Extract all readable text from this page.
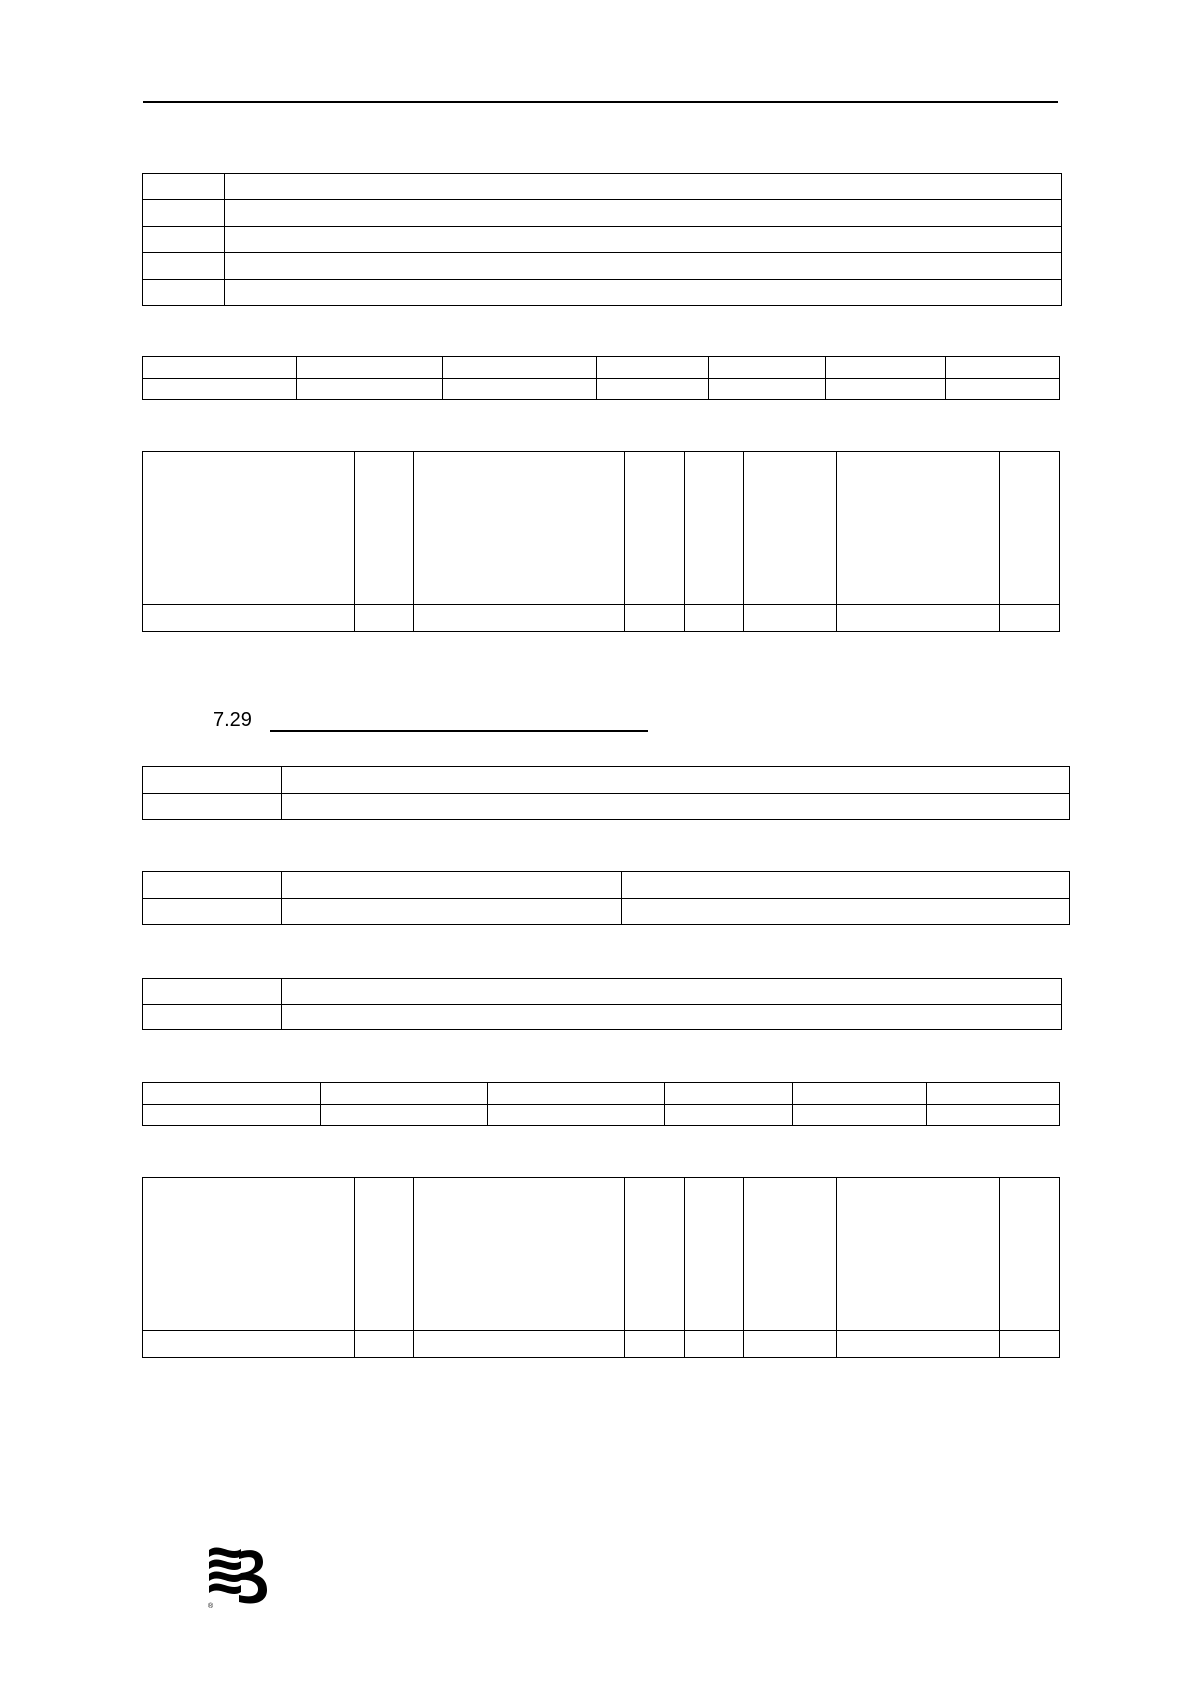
7.29

®
